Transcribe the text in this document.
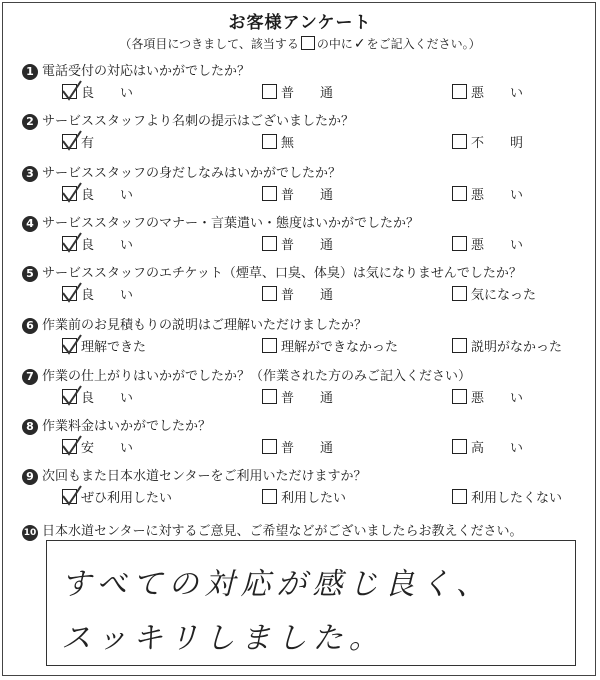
お客様アンケート
（各項目につきまして、該当する の中に✓をご記入ください。）
1 電話受付の対応はいかがでしたか？
良　　い	普　　通	悪　　い
2 サービススタッフより名刺の提示はございましたか？
有	無	不　　明
3 サービススタッフの身だしなみはいかがでしたか？
良　　い	普　　通	悪　　い
4 サービススタッフのマナー・言葉遣い・態度はいかがでしたか？
良　　い	普　　通	悪　　い
5 サービススタッフのエチケット（煙草、口臭、体臭）は気になりませんでしたか？
良　　い	普　　通	気になった
6 作業前のお見積もりの説明はご理解いただけましたか？
理解できた	理解ができなかった	説明がなかった
7 作業の仕上がりはいかがでしたか？（作業された方のみご記入ください）
良　　い	普　　通	悪　　い
8 作業料金はいかがでしたか？
安　　い	普　　通	高　　い
9 次回もまた日本水道センターをご利用いただけますか？
ぜひ利用したい	利用したい	利用したくない
10 日本水道センターに対するご意見、ご希望などがございましたらお教えください。
すべての対応が感じ良く、
スッキリしました。
